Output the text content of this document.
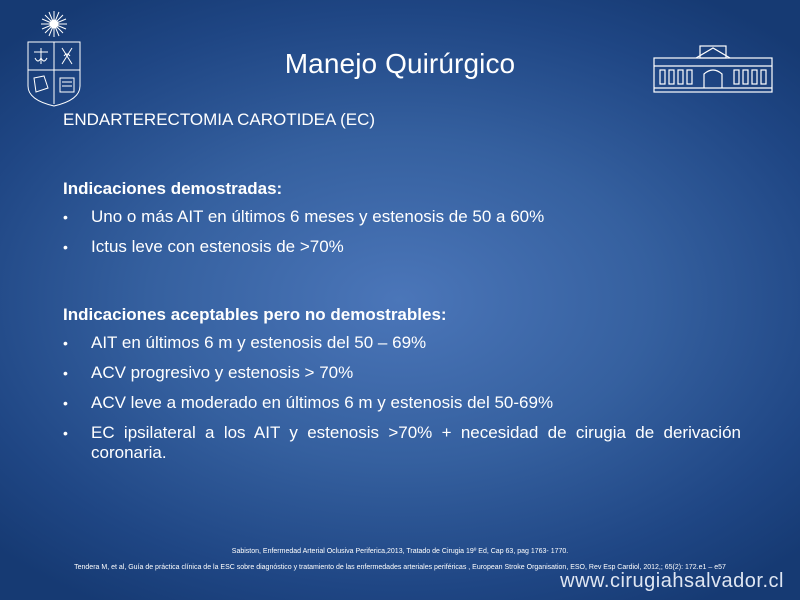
Manejo Quirúrgico
ENDARTERECTOMIA CAROTIDEA (EC)
Indicaciones demostradas:
• Uno o más AIT en últimos 6 meses y estenosis de 50 a 60%
• Ictus leve con estenosis de >70%
Indicaciones aceptables pero no demostrables:
• AIT en últimos 6 m y estenosis del 50 – 69%
• ACV progresivo y estenosis > 70%
• ACV leve a moderado en últimos 6 m y estenosis del 50-69%
• EC ipsilateral a los AIT y estenosis >70% + necesidad de cirugia de derivación coronaria.
Sabiston, Enfermedad Arterial Oclusiva Periferica,2013, Tratado de Cirugia 19º Ed, Cap 63, pag 1763- 1770.
Tendera M, et al, Guía de práctica clínica de la ESC sobre diagnóstico y tratamiento de las enfermedades arteriales periféricas , European Stroke Organisation, ESO, Rev Esp Cardiol, 2012,; 65(2): 172.e1 – e57
www.cirugiahsalvador.cl
